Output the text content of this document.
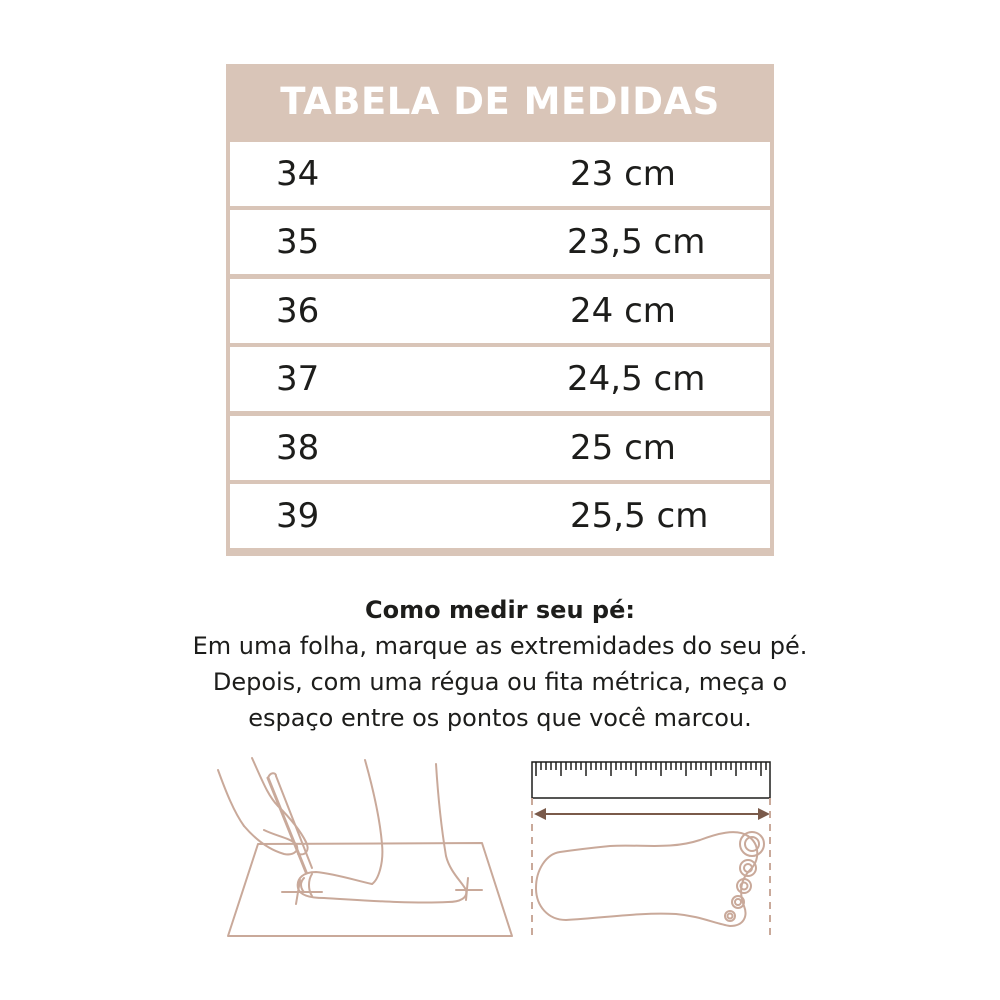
TABELA DE MEDIDAS
34	23 cm
35	23,5 cm
36	24 cm
37	24,5 cm
38	25 cm
39	25,5 cm
Como medir seu pé:
Em uma folha, marque as extremidades do seu pé.
Depois, com uma régua ou fita métrica, meça o
espaço entre os pontos que você marcou.
